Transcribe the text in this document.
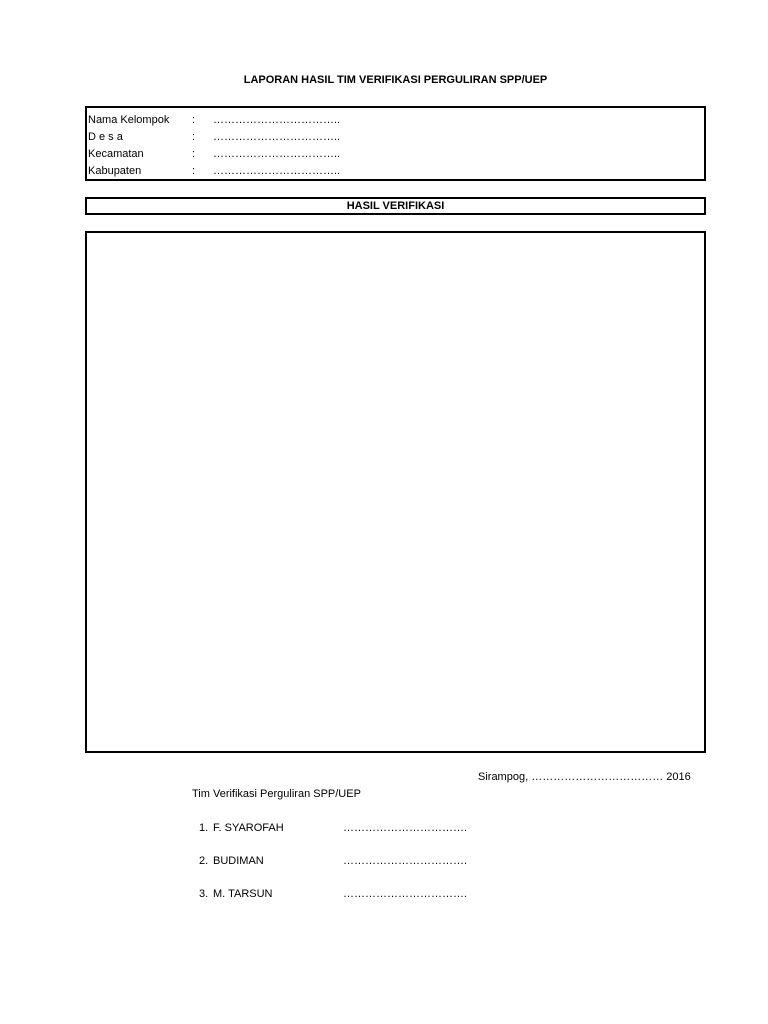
LAPORAN HASIL TIM VERIFIKASI PERGULIRAN SPP/UEP
Nama Kelompok	:	……………………………..
D e s a	:	……………………………..
Kecamatan	:	……………………………..
Kabupaten	:	……………………………..
HASIL VERIFIKASI
Sirampog, ……………………………… 2016
Tim Verifikasi Perguliran SPP/UEP
1. F. SYAROFAH	…………………………….
2. BUDIMAN	…………………………….
3. M. TARSUN	…………………………….
